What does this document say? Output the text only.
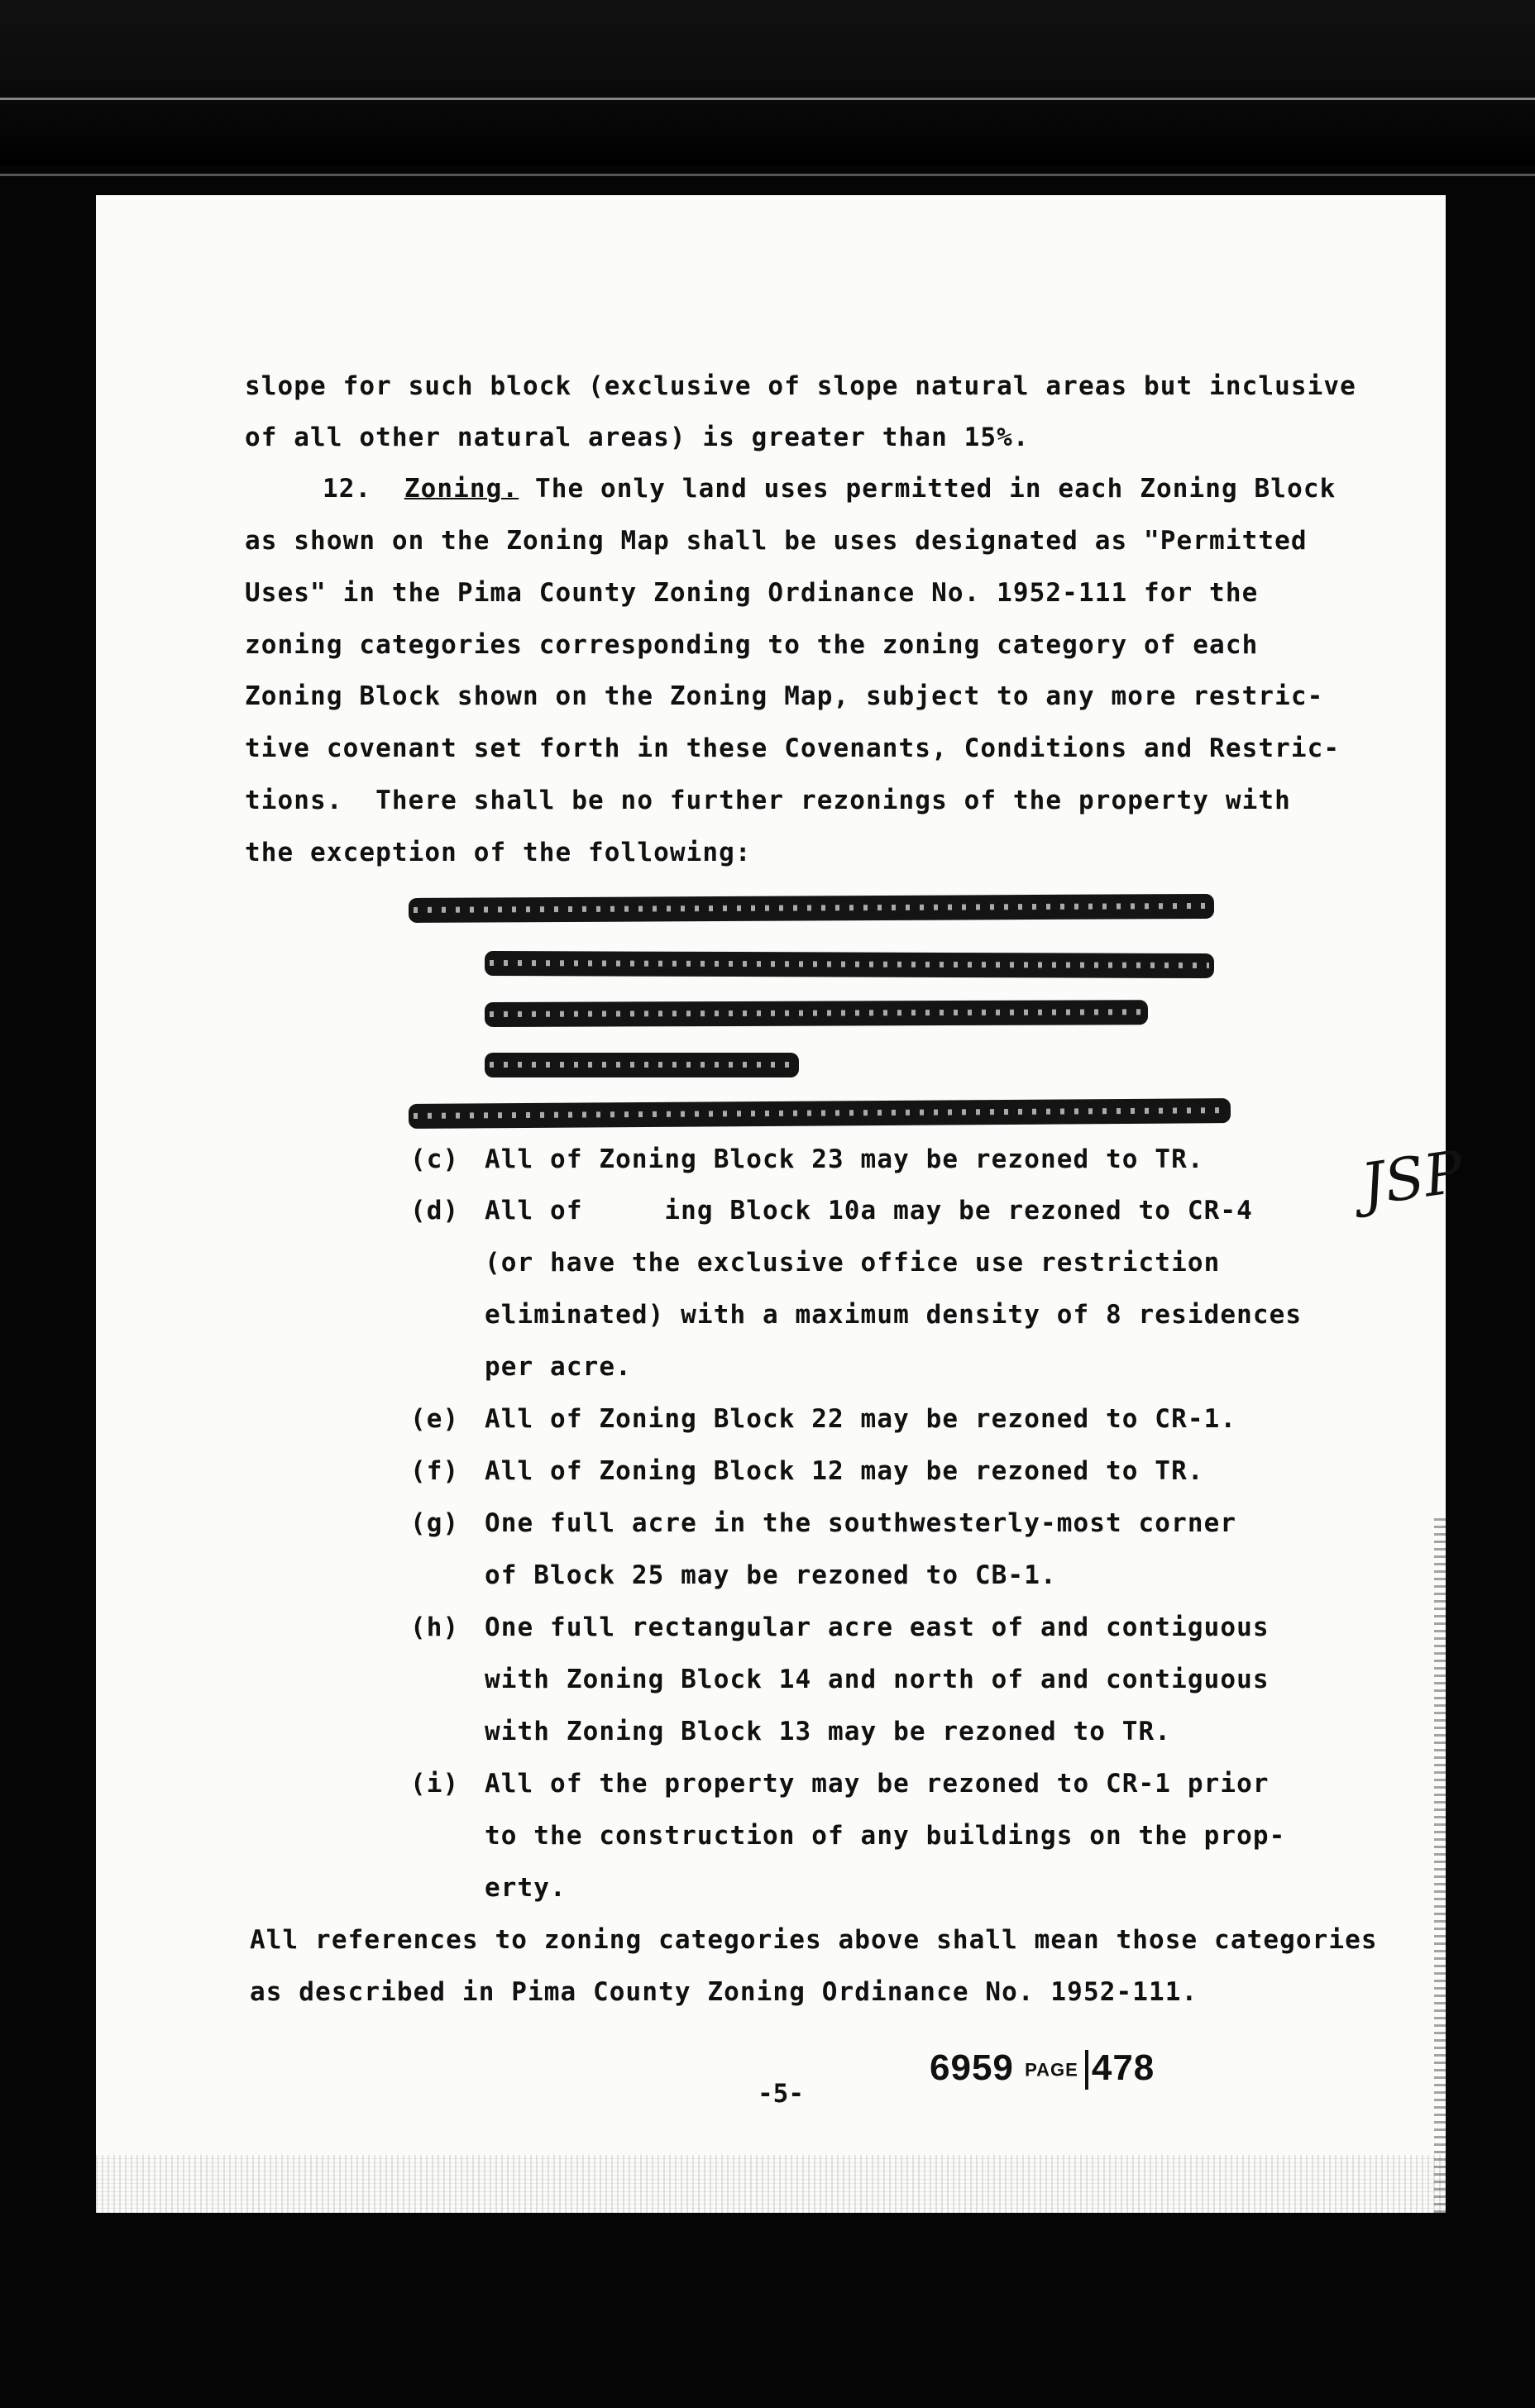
slope for such block (exclusive of slope natural areas but inclusive
of all other natural areas) is greater than 15%.
12. Zoning. The only land uses permitted in each Zoning Block
as shown on the Zoning Map shall be uses designated as "Permitted
Uses" in the Pima County Zoning Ordinance No. 1952-111 for the
zoning categories corresponding to the zoning category of each
Zoning Block shown on the Zoning Map, subject to any more restric-
tive covenant set forth in these Covenants, Conditions and Restric-
tions.  There shall be no further rezonings of the property with
the exception of the following:
JSP
(c) All of Zoning Block 23 may be rezoned to TR.
(d) All of     ing Block 10a may be rezoned to CR-4
(or have the exclusive office use restriction
eliminated) with a maximum density of 8 residences
per acre.
(e) All of Zoning Block 22 may be rezoned to CR-1.
(f) All of Zoning Block 12 may be rezoned to TR.
(g) One full acre in the southwesterly-most corner
of Block 25 may be rezoned to CB-1.
(h) One full rectangular acre east of and contiguous
with Zoning Block 14 and north of and contiguous
with Zoning Block 13 may be rezoned to TR.
(i) All of the property may be rezoned to CR-1 prior
to the construction of any buildings on the prop-
erty.
All references to zoning categories above shall mean those categories
as described in Pima County Zoning Ordinance No. 1952-111.
6959 PAGE 478
-5-
